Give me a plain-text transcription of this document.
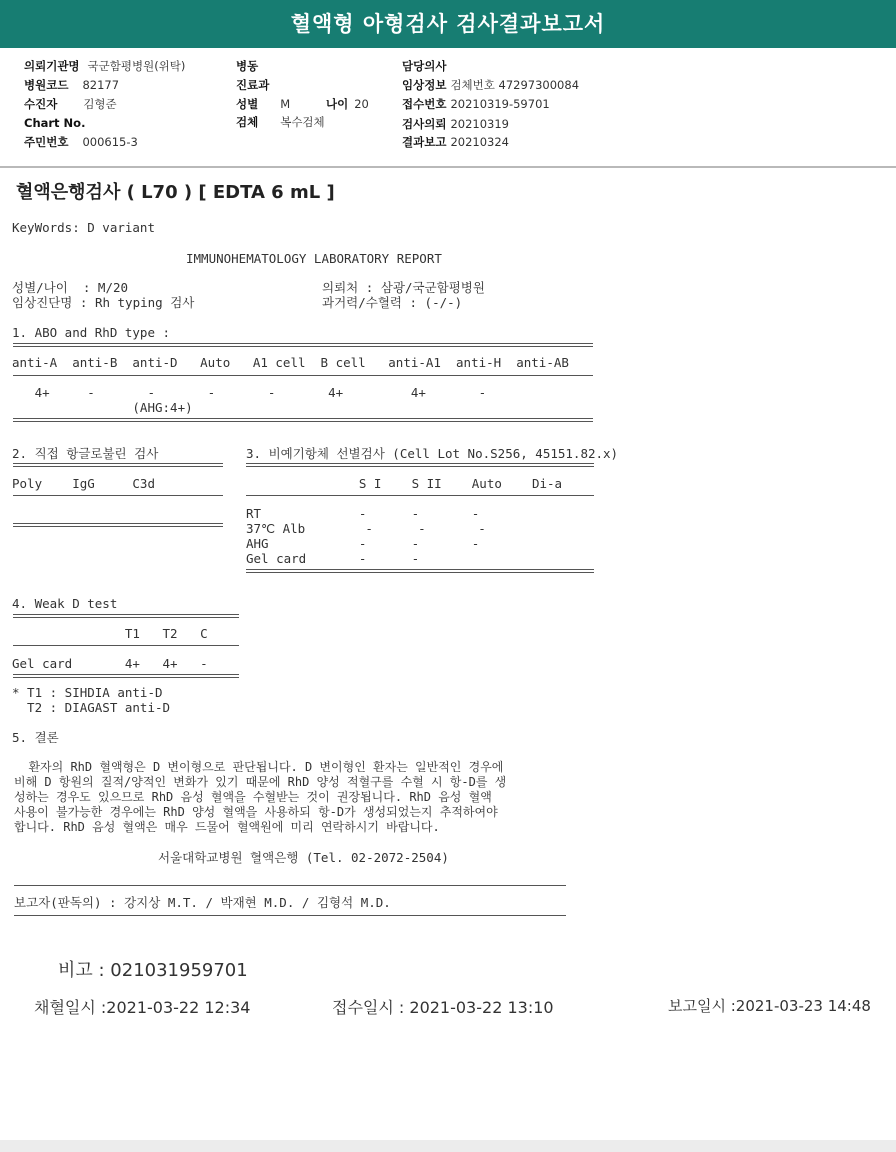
혈액형 아형검사 검사결과보고서
의뢰기관명 국군함평병원(위탁)
병원코드 82177
수진자 김형준
Chart No.
주민번호 000615-3
병동
진료과
성별 M	나이 20
검체 복수검체
담당의사
임상정보 검체번호 47297300084
접수번호 20210319-59701
검사의뢰 20210319
결과보고 20210324
혈액은행검사 ( L70 ) [ EDTA 6 mL ]
KeyWords: D variant
IMMUNOHEMATOLOGY LABORATORY REPORT
성별/나이  : M/20	의뢰처 : 삼광/국군함평병원
임상진단명 : Rh typing 검사	과거력/수혈력 : (-/-)
1. ABO and RhD type :
anti-A  anti-B  anti-D   Auto   A1 cell  B cell   anti-A1  anti-H  anti-AB
4+     -       -       -       -       4+         4+       -
(AHG:4+)
2. 직접 항글로불린 검사
Poly    IgG     C3d
3. 비예기항체 선별검사 (Cell Lot No.S256, 45151.82.x)
S I    S II    Auto    Di-a
RT             -      -       -
37℃ Alb        -      -       -
AHG            -      -       -
Gel card       -      -
4. Weak D test
T1   T2   C
Gel card       4+   4+   -
* T1 : SIHDIA anti-D
T2 : DIAGAST anti-D
5. 결론
환자의 RhD 혈액형은 D 변이형으로 판단됩니다. D 변이형인 환자는 일반적인 경우에
비해 D 항원의 질적/양적인 변화가 있기 때문에 RhD 양성 적혈구를 수혈 시 항-D를 생
성하는 경우도 있으므로 RhD 음성 혈액을 수혈받는 것이 권장됩니다. RhD 음성 혈액
사용이 불가능한 경우에는 RhD 양성 혈액을 사용하되 항-D가 생성되었는지 추적하여야
합니다. RhD 음성 혈액은 매우 드물어 혈액원에 미리 연락하시기 바랍니다.
서울대학교병원 혈액은행 (Tel. 02-2072-2504)
보고자(판독의) : 강지상 M.T. / 박재현 M.D. / 김형석 M.D.
비고 : 021031959701
채혈일시 :2021-03-22 12:34	접수일시 : 2021-03-22 13:10	보고일시 :2021-03-23 14:48
